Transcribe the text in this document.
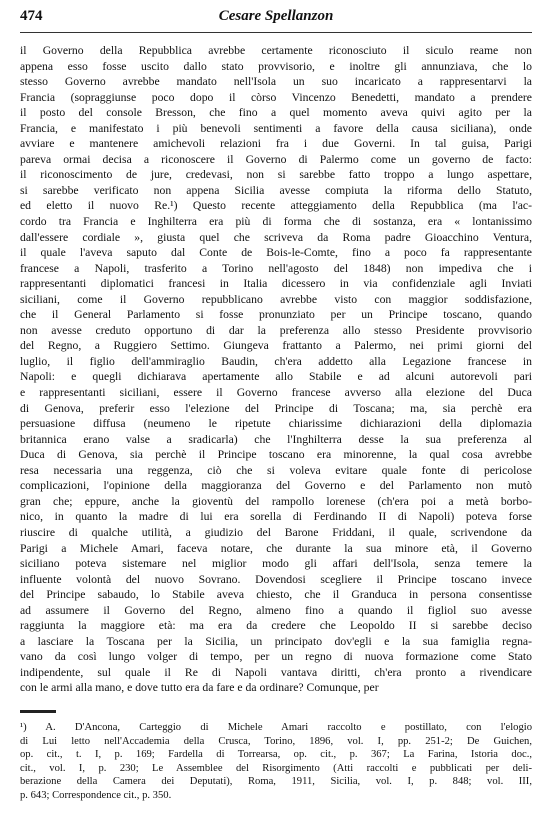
474	Cesare Spellanzon
il Governo della Repubblica avrebbe certamente riconosciuto il siculo reame non
appena esso fosse uscito dallo stato provvisorio, e inoltre gli annunziava, che lo
stesso Governo avrebbe mandato nell'Isola un suo incaricato a rappresentarvi la
Francia (sopraggiunse poco dopo il còrso Vincenzo Benedetti, mandato a prendere
il posto del console Bresson, che fino a quel momento aveva quivi agito per la
Francia, e manifestato i più benevoli sentimenti a favore della causa siciliana), onde
avviare e mantenere amichevoli relazioni fra i due Governi. In tal guisa, Parigi
pareva ormai decisa a riconoscere il Governo di Palermo come un governo de facto:
il riconoscimento de jure, credevasi, non si sarebbe fatto troppo a lungo aspettare,
si sarebbe verificato non appena Sicilia avesse compiuta la riforma dello Statuto,
ed eletto il nuovo Re.¹) Questo recente atteggiamento della Repubblica (ma l'ac-
cordo tra Francia e Inghilterra era più di forma che di sostanza, era « lontanissimo
dall'essere cordiale », giusta quel che scriveva da Roma padre Gioacchino Ventura,
il quale l'aveva saputo dal Conte de Bois-le-Comte, fino a poco fa rappresentante
francese a Napoli, trasferito a Torino nell'agosto del 1848) non impediva che i
rappresentanti diplomatici francesi in Italia dicessero in via confidenziale agli Inviati
siciliani, come il Governo repubblicano avrebbe visto con maggior soddisfazione,
che il General Parlamento si fosse pronunziato per un Principe toscano, quando
non avesse creduto opportuno di dar la preferenza allo stesso Presidente provvisorio
del Regno, a Ruggiero Settimo. Giungeva frattanto a Palermo, nei primi giorni del
luglio, il figlio dell'ammiraglio Baudin, ch'era addetto alla Legazione francese in
Napoli: e quegli dichiarava apertamente allo Stabile e ad alcuni autorevoli pari
e rappresentanti siciliani, essere il Governo francese avverso alla elezione del Duca
di Genova, preferir esso l'elezione del Principe di Toscana; ma, sia perchè era
persuasione diffusa (neumeno le ripetute chiarissime dichiarazioni della diplomazia
britannica erano valse a sradicarla) che l'Inghilterra desse la sua preferenza al
Duca di Genova, sia perchè il Principe toscano era minorenne, la qual cosa avrebbe
resa necessaria una reggenza, ciò che si voleva evitare quale fonte di pericolose
complicazioni, l'opinione della maggioranza del Governo e del Parlamento non mutò
gran che; eppure, anche la gioventù del rampollo lorenese (ch'era poi a metà borbo-
nico, in quanto la madre di lui era sorella di Ferdinando II di Napoli) poteva forse
riuscire di qualche utilità, a giudizio del Barone Friddani, il quale, scrivendone da
Parigi a Michele Amari, faceva notare, che durante la sua minore età, il Governo
siciliano poteva sistemare nel miglior modo gli affari dell'Isola, senza temere la
influente volontà del nuovo Sovrano. Dovendosi scegliere il Principe toscano invece
del Principe sabaudo, lo Stabile aveva chiesto, che il Granduca in persona consentisse
ad assumere il Governo del Regno, almeno fino a quando il figliol suo avesse
raggiunta la maggiore età: ma era da credere che Leopoldo II si sarebbe deciso
a lasciare la Toscana per la Sicilia, un principato dov'egli e la sua famiglia regna-
vano da così lungo volger di tempo, per un regno di nuova formazione come Stato
indipendente, sul quale il Re di Napoli vantava diritti, ch'era pronto a rivendicare
con le armi alla mano, e dove tutto era da fare e da ordinare? Comunque, per
¹) A. D'Ancona, Carteggio di Michele Amari raccolto e postillato, con l'elogio
di Lui letto nell'Accademia della Crusca, Torino, 1896, vol. I, pp. 251-2; De Guichen,
op. cit., t. I, p. 169; Fardella di Torrearsa, op. cit., p. 367; La Farina, Istoria doc.,
cit., vol. I, p. 230; Le Assemblee del Risorgimento (Atti raccolti e pubblicati per deli-
berazione della Camera dei Deputati), Roma, 1911, Sicilia, vol. I, p. 848; vol. III,
p. 643; Correspondence cit., p. 350.
